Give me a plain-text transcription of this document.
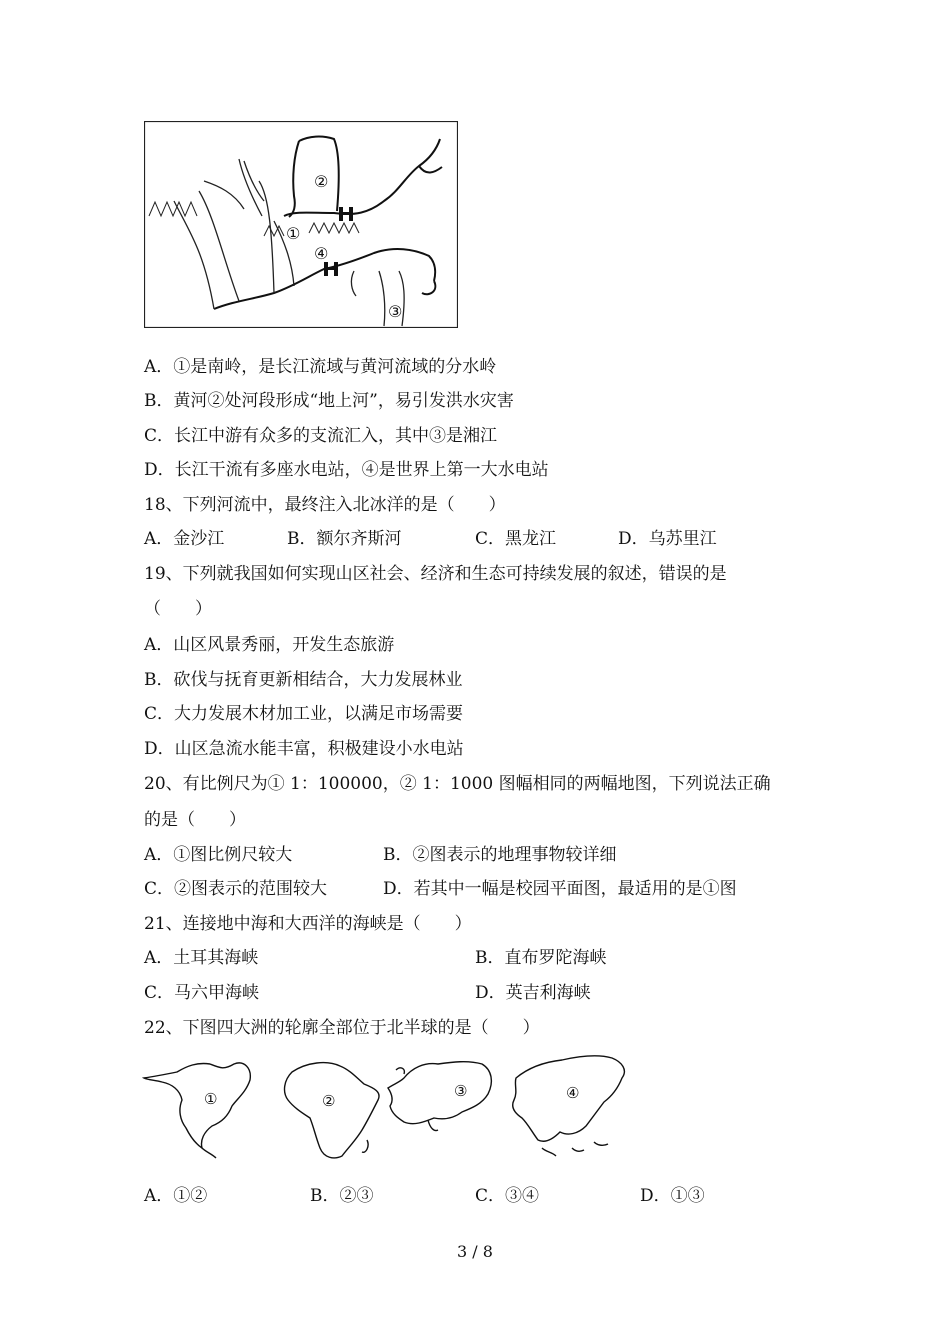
①
②
③
④
A．①是南岭，是长江流域与黄河流域的分水岭
B．黄河②处河段形成“地上河”，易引发洪水灾害
C．长江中游有众多的支流汇入，其中③是湘江
D．长江干流有多座水电站，④是世界上第一大水电站
18、下列河流中，最终注入北冰洋的是（　　）
A．金沙江	B．额尔齐斯河	C．黑龙江	D．乌苏里江
19、下列就我国如何实现山区社会、经济和生态可持续发展的叙述，错误的是
（　　）
A．山区风景秀丽，开发生态旅游
B．砍伐与抚育更新相结合，大力发展林业
C．大力发展木材加工业，以满足市场需要
D．山区急流水能丰富，积极建设小水电站
20、有比例尺为① 1：100000，② 1：1000 图幅相同的两幅地图，下列说法正确
的是（　　）
A．①图比例尺较大	B．②图表示的地理事物较详细
C．②图表示的范围较大	D．若其中一幅是校园平面图，最适用的是①图
21、连接地中海和大西洋的海峡是（　　）
A．土耳其海峡	B．直布罗陀海峡
C．马六甲海峡	D．英吉利海峡
22、下图四大洲的轮廓全部位于北半球的是（　　）
①	②
③	④
A．①②	B．②③	C．③④	D．①③
3 / 8
